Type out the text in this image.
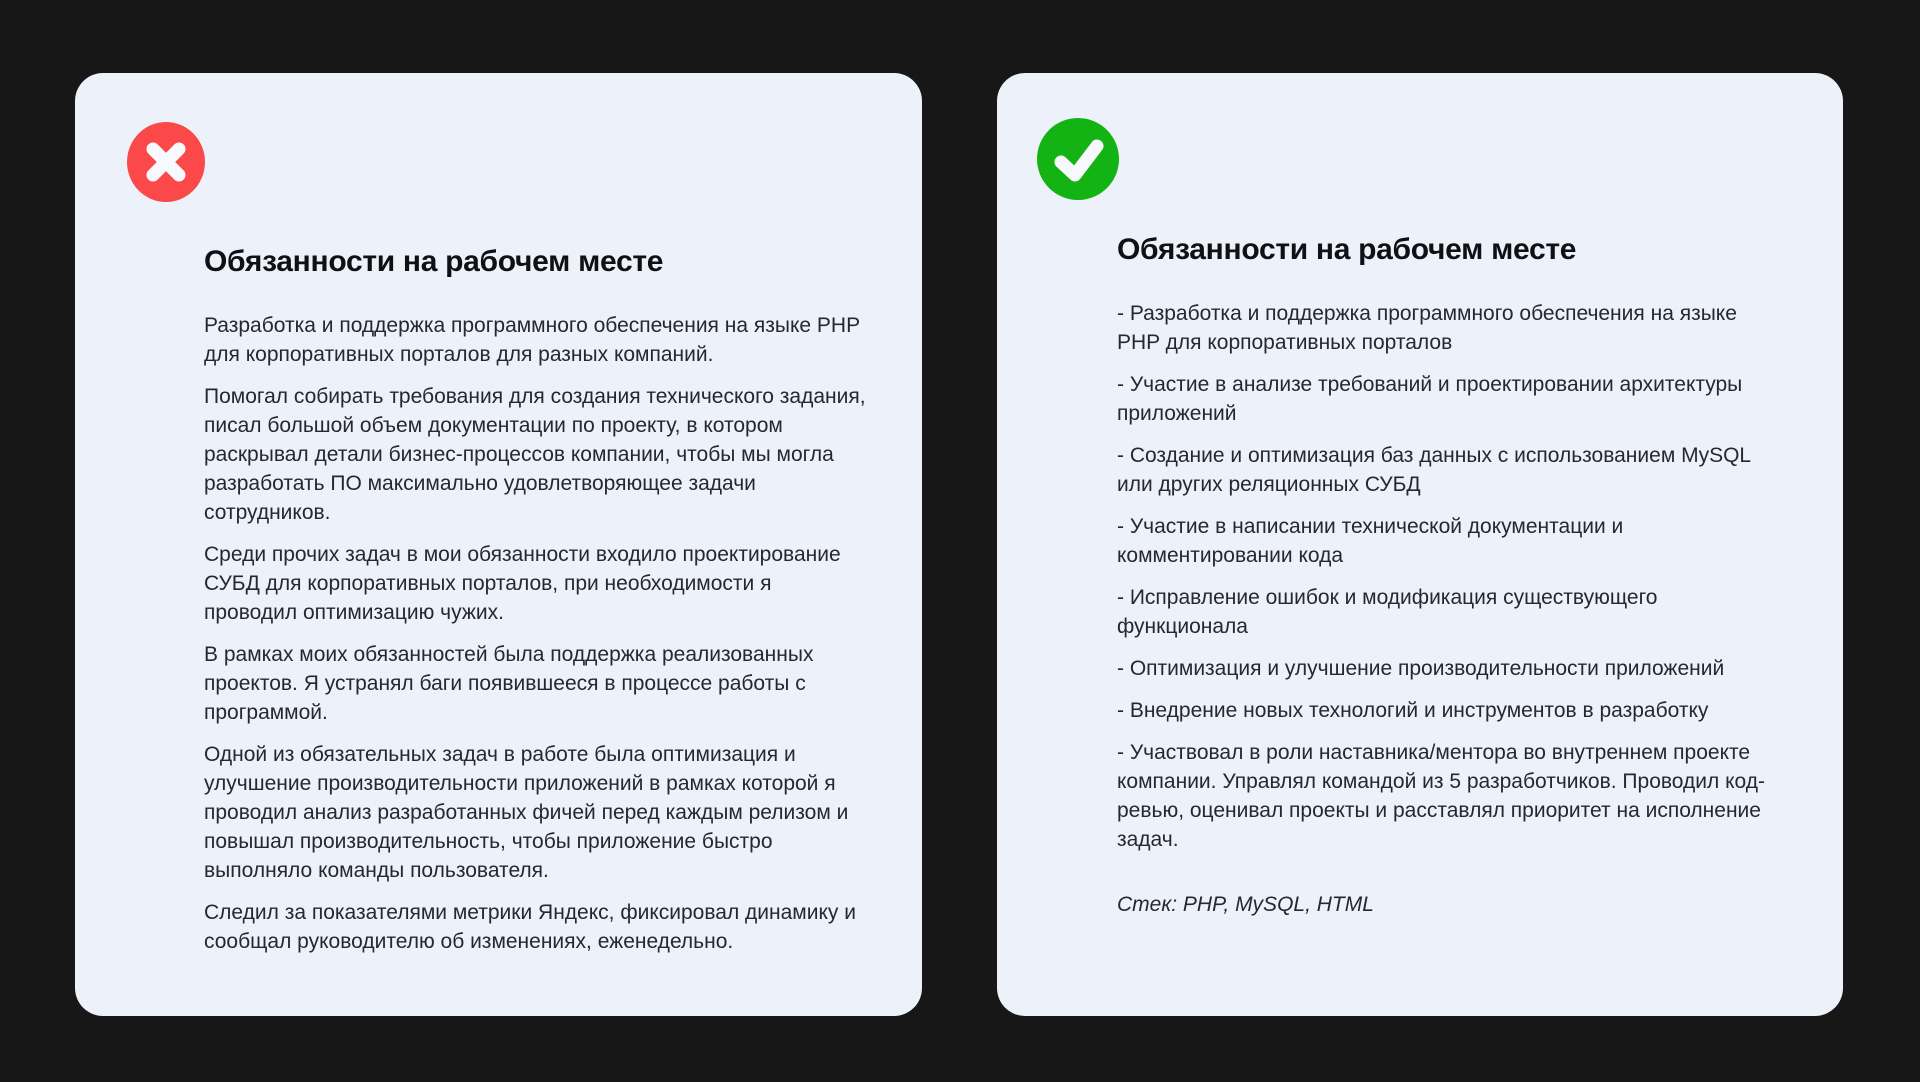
Обязанности на рабочем месте

Разработка и поддержка программного обеспечения на языке PHP для корпоративных порталов для разных компаний.

Помогал собирать требования для создания технического задания, писал большой объем документации по проекту, в котором раскрывал детали бизнес-процессов компании, чтобы мы могла разработать ПО максимально удовлетворяющее задачи сотрудников.

Среди прочих задач в мои обязанности входило проектирование СУБД для корпоративных порталов, при необходимости я проводил оптимизацию чужих.

В рамках моих обязанностей была поддержка реализованных проектов. Я устранял баги появившееся в процессе работы с программой.

Одной из обязательных задач в работе была оптимизация и улучшение производительности приложений в рамках которой я проводил анализ разработанных фичей перед каждым релизом и повышал производительность, чтобы приложение быстро выполняло команды пользователя.

Следил за показателями метрики Яндекс, фиксировал динамику и сообщал руководителю об изменениях, еженедельно.

Обязанности на рабочем месте

- Разработка и поддержка программного обеспечения на языке PHP для корпоративных порталов

- Участие в анализе требований и проектировании архитектуры приложений

- Создание и оптимизация баз данных с использованием MySQL или других реляционных СУБД

- Участие в написании технической документации и комментировании кода

- Исправление ошибок и модификация существующего функционала

- Оптимизация и улучшение производительности приложений

- Внедрение новых технологий и инструментов в разработку

- Участвовал в роли наставника/ментора во внутреннем проекте компании. Управлял командой из 5 разработчиков. Проводил код-ревью, оценивал проекты и расставлял приоритет на исполнение задач.

Стек: PHP, MySQL, HTML
